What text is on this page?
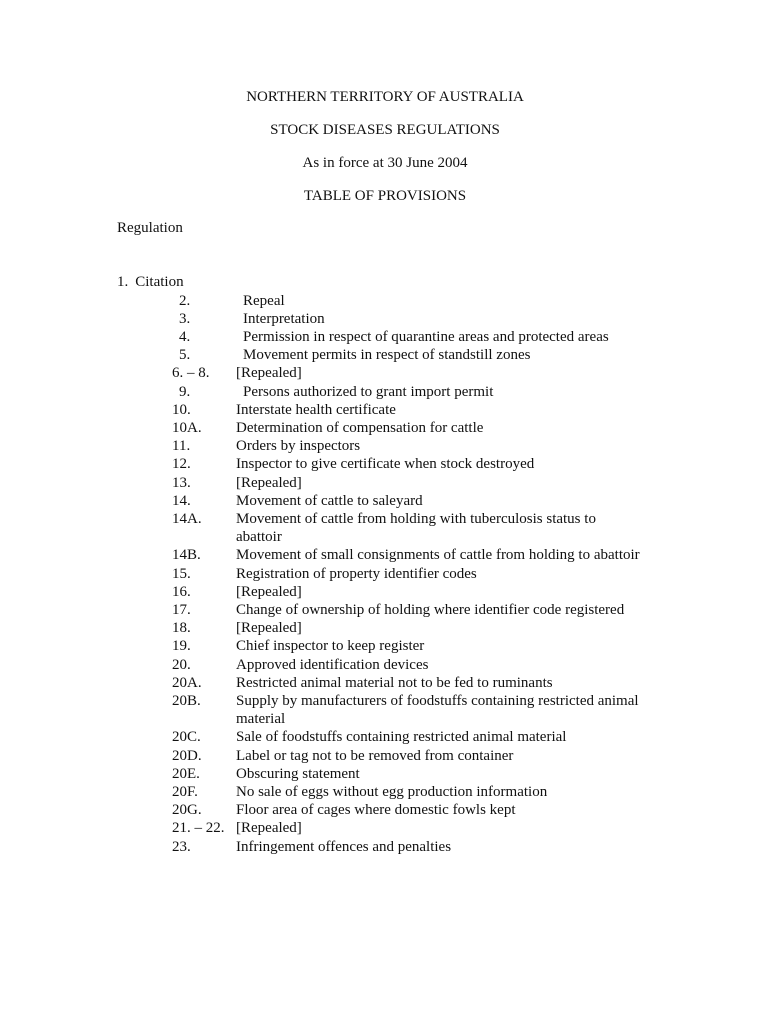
NORTHERN TERRITORY OF AUSTRALIA
STOCK DISEASES REGULATIONS
As in force at 30 June 2004
TABLE OF PROVISIONS
Regulation
1. Citation
2.	Repeal
3.	Interpretation
4.	Permission in respect of quarantine areas and protected areas
5.	Movement permits in respect of standstill zones
6. – 8.	[Repealed]
9.	Persons authorized to grant import permit
10.	Interstate health certificate
10A.	Determination of compensation for cattle
11.	Orders by inspectors
12.	Inspector to give certificate when stock destroyed
13.	[Repealed]
14.	Movement of cattle to saleyard
14A.	Movement of cattle from holding with tuberculosis status to abattoir
14B.	Movement of small consignments of cattle from holding to abattoir
15.	Registration of property identifier codes
16.	[Repealed]
17.	Change of ownership of holding where identifier code registered
18.	[Repealed]
19.	Chief inspector to keep register
20.	Approved identification devices
20A.	Restricted animal material not to be fed to ruminants
20B.	Supply by manufacturers of foodstuffs containing restricted animal material
20C.	Sale of foodstuffs containing restricted animal material
20D.	Label or tag not to be removed from container
20E.	Obscuring statement
20F.	No sale of eggs without egg production information
20G.	Floor area of cages where domestic fowls kept
21. – 22. [Repealed]
23.	Infringement offences and penalties
